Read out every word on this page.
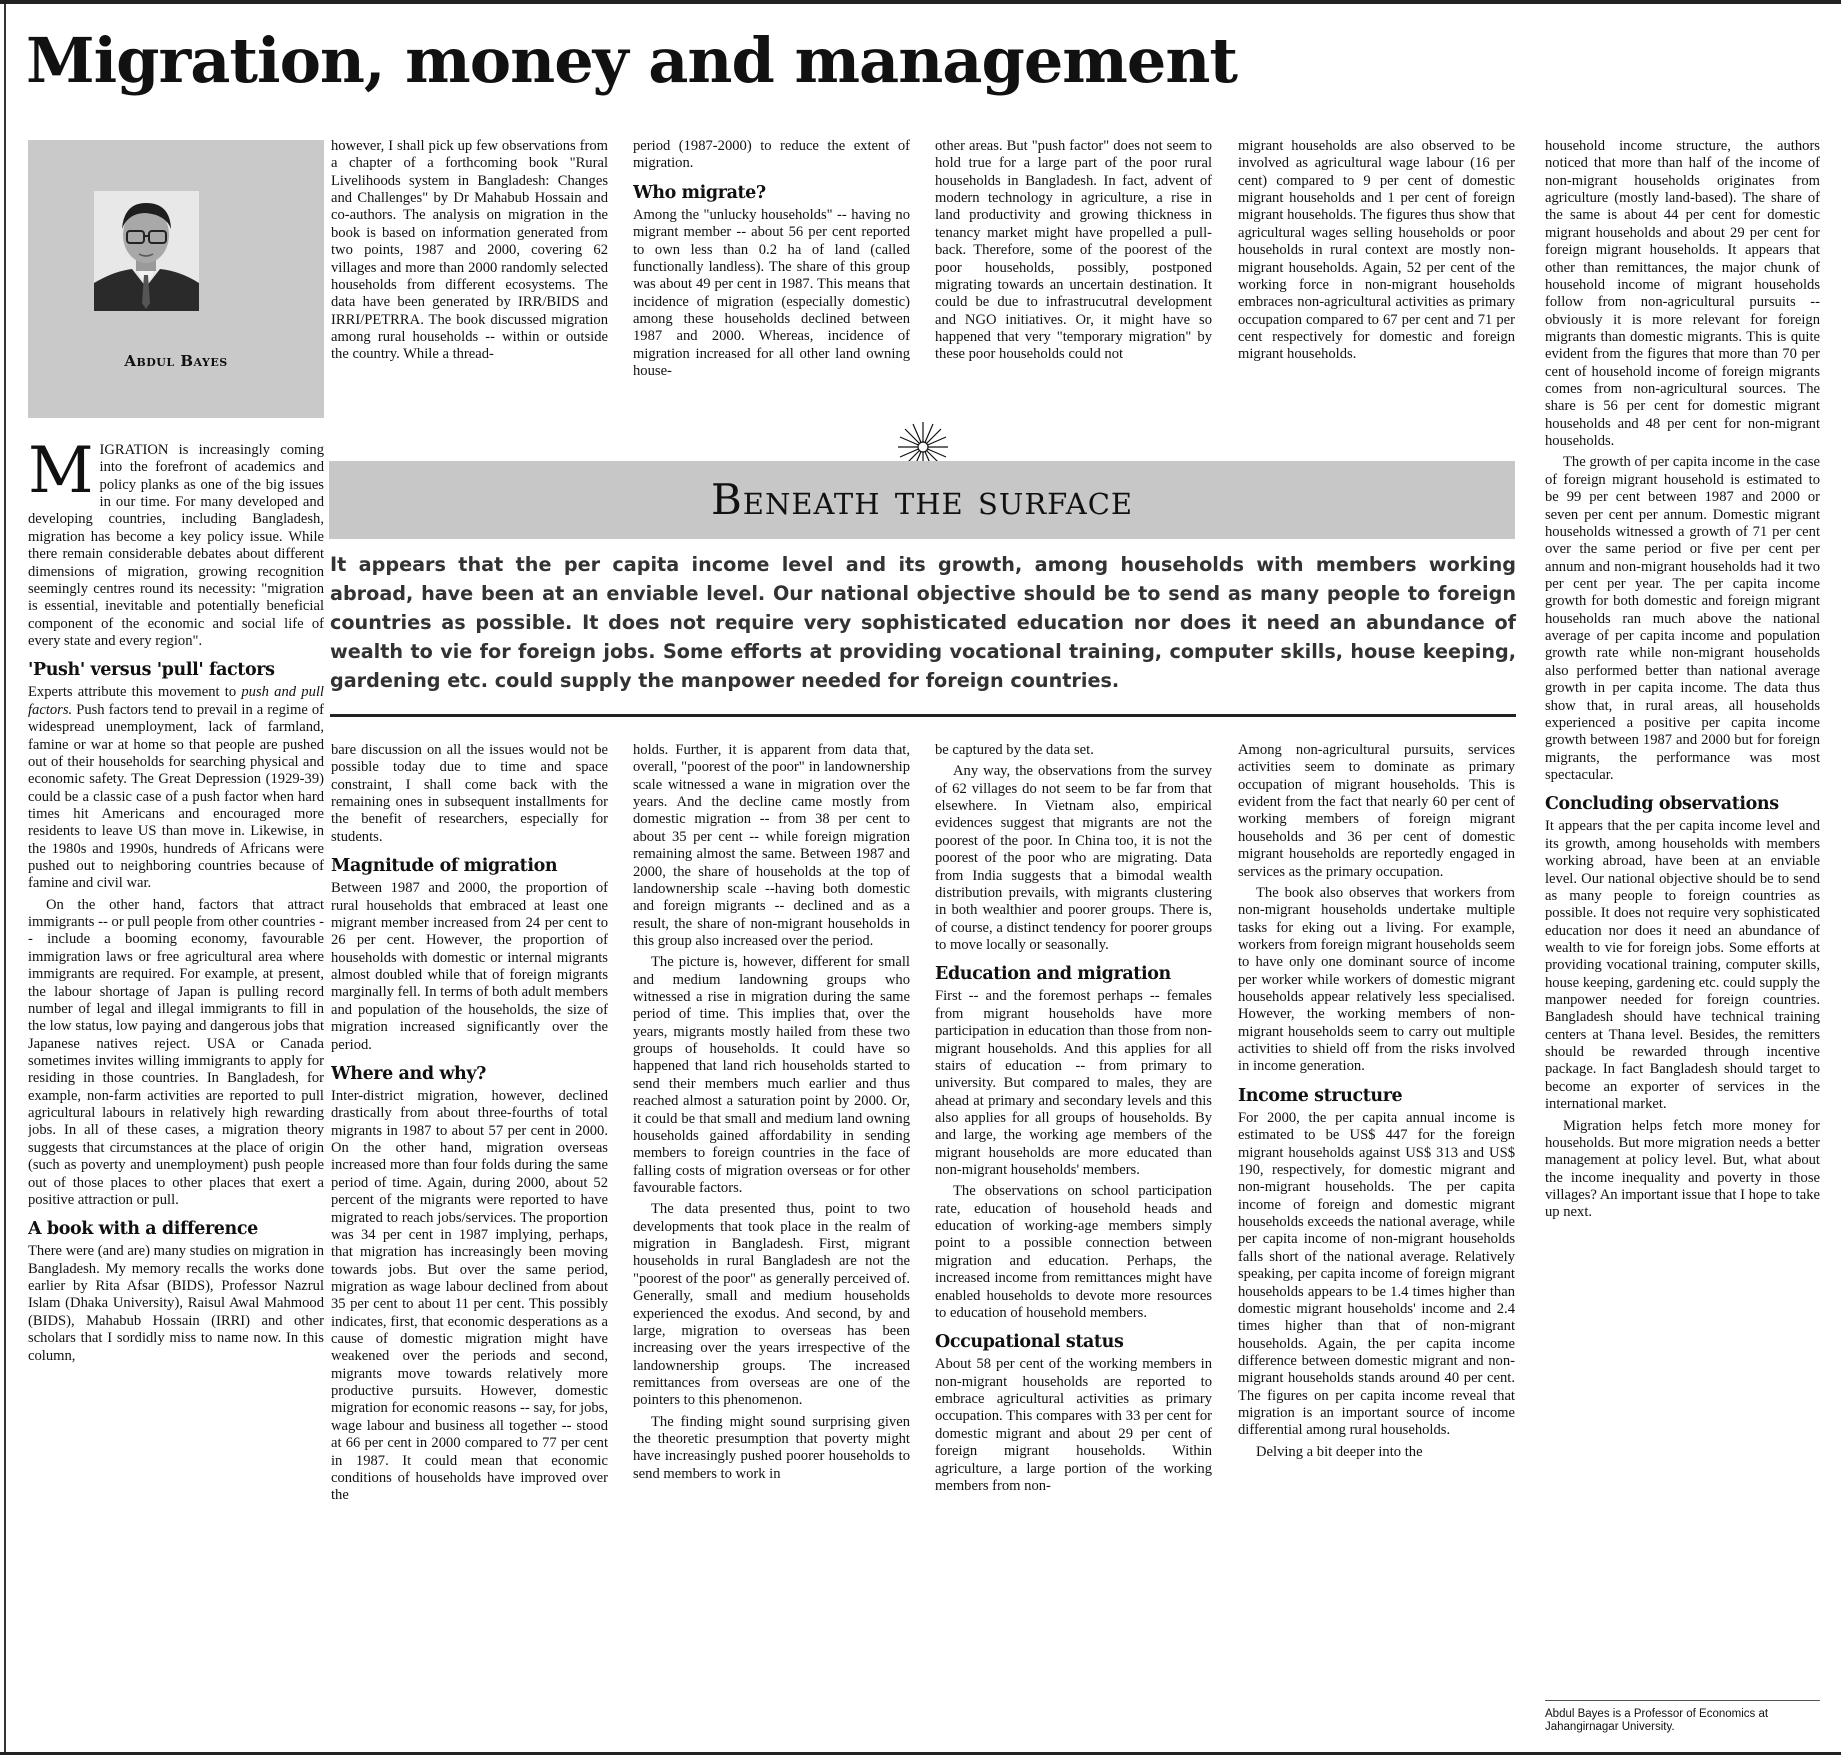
Migration, money and management
Abdul Bayes

MIGRATION is increasingly coming into the forefront of academics and policy planks as one of the big issues in our time. For many developed and developing countries, including Bangladesh, migration has become a key policy issue. While there remain considerable debates about different dimensions of migration, growing recognition seemingly centres round its necessity: "migration is essential, inevitable and potentially beneficial component of the economic and social life of every state and every region".

'Push' versus 'pull' factors

Experts attribute this movement to push and pull factors. Push factors tend to prevail in a regime of widespread unemployment, lack of farmland, famine or war at home so that people are pushed out of their households for searching physical and economic safety. The Great Depression (1929-39) could be a classic case of a push factor when hard times hit Americans and encouraged more residents to leave US than move in. Likewise, in the 1980s and 1990s, hundreds of Africans were pushed out to neighboring countries because of famine and civil war.

On the other hand, factors that attract immigrants -- or pull people from other countries -- include a booming economy, favourable immigration laws or free agricultural area where immigrants are required. For example, at present, the labour shortage of Japan is pulling record number of legal and illegal immigrants to fill in the low status, low paying and dangerous jobs that Japanese natives reject. USA or Canada sometimes invites willing immigrants to apply for residing in those countries. In Bangladesh, for example, non-farm activities are reported to pull agricultural labours in relatively high rewarding jobs. In all of these cases, a migration theory suggests that circumstances at the place of origin (such as poverty and unemployment) push people out of those places to other places that exert a positive attraction or pull.

A book with a difference

There were (and are) many studies on migration in Bangladesh. My memory recalls the works done earlier by Rita Afsar (BIDS), Professor Nazrul Islam (Dhaka University), Raisul Awal Mahmood (BIDS), Mahabub Hossain (IRRI) and other scholars that I sordidly miss to name now. In this column,

however, I shall pick up few observations from a chapter of a forthcoming book "Rural Livelihoods system in Bangladesh: Changes and Challenges" by Dr Mahabub Hossain and co-authors. The analysis on migration in the book is based on information generated from two points, 1987 and 2000, covering 62 villages and more than 2000 randomly selected households from different ecosystems. The data have been generated by IRR/BIDS and IRRI/PETRRA. The book discussed migration among rural households -- within or outside the country. While a thread-

period (1987-2000) to reduce the extent of migration.

Who migrate?

Among the "unlucky households" -- having no migrant member -- about 56 per cent reported to own less than 0.2 ha of land (called functionally landless). The share of this group was about 49 per cent in 1987. This means that incidence of migration (especially domestic) among these households declined between 1987 and 2000. Whereas, incidence of migration increased for all other land owning house-

other areas. But "push factor" does not seem to hold true for a large part of the poor rural households in Bangladesh. In fact, advent of modern technology in agriculture, a rise in land productivity and growing thickness in tenancy market might have propelled a pull-back. Therefore, some of the poorest of the poor households, possibly, postponed migrating towards an uncertain destination. It could be due to infrastrucutral development and NGO initiatives. Or, it might have so happened that very "temporary migration" by these poor households could not

migrant households are also observed to be involved as agricultural wage labour (16 per cent) compared to 9 per cent of domestic migrant households and 1 per cent of foreign migrant households. The figures thus show that agricultural wages selling households or poor households in rural context are mostly non-migrant households. Again, 52 per cent of the working force in non-migrant households embraces non-agricultural activities as primary occupation compared to 67 per cent and 71 per cent respectively for domestic and foreign migrant households.

Beneath the surface

It appears that the per capita income level and its growth, among households with members working abroad, have been at an enviable level. Our national objective should be to send as many people to foreign countries as possible. It does not require very sophisticated education nor does it need an abundance of wealth to vie for foreign jobs. Some efforts at providing vocational training, computer skills, house keeping, gardening etc. could supply the manpower needed for foreign countries.

bare discussion on all the issues would not be possible today due to time and space constraint, I shall come back with the remaining ones in subsequent installments for the benefit of researchers, especially for students.

Magnitude of migration

Between 1987 and 2000, the proportion of rural households that embraced at least one migrant member increased from 24 per cent to 26 per cent. However, the proportion of households with domestic or internal migrants almost doubled while that of foreign migrants marginally fell. In terms of both adult members and population of the households, the size of migration increased significantly over the period.

Where and why?

Inter-district migration, however, declined drastically from about three-fourths of total migrants in 1987 to about 57 per cent in 2000. On the other hand, migration overseas increased more than four folds during the same period of time. Again, during 2000, about 52 percent of the migrants were reported to have migrated to reach jobs/services. The proportion was 34 per cent in 1987 implying, perhaps, that migration has increasingly been moving towards jobs. But over the same period, migration as wage labour declined from about 35 per cent to about 11 per cent. This possibly indicates, first, that economic desperations as a cause of domestic migration might have weakened over the periods and second, migrants move towards relatively more productive pursuits. However, domestic migration for economic reasons -- say, for jobs, wage labour and business all together -- stood at 66 per cent in 2000 compared to 77 per cent in 1987. It could mean that economic conditions of households have improved over the

holds. Further, it is apparent from data that, overall, "poorest of the poor" in landownership scale witnessed a wane in migration over the years. And the decline came mostly from domestic migration -- from 38 per cent to about 35 per cent -- while foreign migration remaining almost the same. Between 1987 and 2000, the share of households at the top of landownership scale --having both domestic and foreign migrants -- declined and as a result, the share of non-migrant households in this group also increased over the period.

The picture is, however, different for small and medium landowning groups who witnessed a rise in migration during the same period of time. This implies that, over the years, migrants mostly hailed from these two groups of households. It could have so happened that land rich households started to send their members much earlier and thus reached almost a saturation point by 2000. Or, it could be that small and medium land owning households gained affordability in sending members to foreign countries in the face of falling costs of migration overseas or for other favourable factors.

The data presented thus, point to two developments that took place in the realm of migration in Bangladesh. First, migrant households in rural Bangladesh are not the "poorest of the poor" as generally perceived of. Generally, small and medium households experienced the exodus. And second, by and large, migration to overseas has been increasing over the years irrespective of the landownership groups. The increased remittances from overseas are one of the pointers to this phenomenon.

The finding might sound surprising given the theoretic presumption that poverty might have increasingly pushed poorer households to send members to work in

be captured by the data set.

Any way, the observations from the survey of 62 villages do not seem to be far from that elsewhere. In Vietnam also, empirical evidences suggest that migrants are not the poorest of the poor. In China too, it is not the poorest of the poor who are migrating. Data from India suggests that a bimodal wealth distribution prevails, with migrants clustering in both wealthier and poorer groups. There is, of course, a distinct tendency for poorer groups to move locally or seasonally.

Education and migration

First -- and the foremost perhaps -- females from migrant households have more participation in education than those from non-migrant households. And this applies for all stairs of education -- from primary to university. But compared to males, they are ahead at primary and secondary levels and this also applies for all groups of households. By and large, the working age members of the migrant households are more educated than non-migrant households' members.

The observations on school participation rate, education of household heads and education of working-age members simply point to a possible connection between migration and education. Perhaps, the increased income from remittances might have enabled households to devote more resources to education of household members.

Occupational status

About 58 per cent of the working members in non-migrant households are reported to embrace agricultural activities as primary occupation. This compares with 33 per cent for domestic migrant and about 29 per cent of foreign migrant households. Within agriculture, a large portion of the working members from non-

Among non-agricultural pursuits, services activities seem to dominate as primary occupation of migrant households. This is evident from the fact that nearly 60 per cent of working members of foreign migrant households and 36 per cent of domestic migrant households are reportedly engaged in services as the primary occupation.

The book also observes that workers from non-migrant households undertake multiple tasks for eking out a living. For example, workers from foreign migrant households seem to have only one dominant source of income per worker while workers of domestic migrant households appear relatively less specialised. However, the working members of non-migrant households seem to carry out multiple activities to shield off from the risks involved in income generation.

Income structure

For 2000, the per capita annual income is estimated to be US$ 447 for the foreign migrant households against US$ 313 and US$ 190, respectively, for domestic migrant and non-migrant households. The per capita income of foreign and domestic migrant households exceeds the national average, while per capita income of non-migrant households falls short of the national average. Relatively speaking, per capita income of foreign migrant households appears to be 1.4 times higher than domestic migrant households' income and 2.4 times higher than that of non-migrant households. Again, the per capita income difference between domestic migrant and non-migrant households stands around 40 per cent. The figures on per capita income reveal that migration is an important source of income differential among rural households.

Delving a bit deeper into the

household income structure, the authors noticed that more than half of the income of non-migrant households originates from agriculture (mostly land-based). The share of the same is about 44 per cent for domestic migrant households and about 29 per cent for foreign migrant households. It appears that other than remittances, the major chunk of household income of migrant households follow from non-agricultural pursuits -- obviously it is more relevant for foreign migrants than domestic migrants. This is quite evident from the figures that more than 70 per cent of household income of foreign migrants comes from non-agricultural sources. The share is 56 per cent for domestic migrant households and 48 per cent for non-migrant households.

The growth of per capita income in the case of foreign migrant household is estimated to be 99 per cent between 1987 and 2000 or seven per cent per annum. Domestic migrant households witnessed a growth of 71 per cent over the same period or five per cent per annum and non-migrant households had it two per cent per year. The per capita income growth for both domestic and foreign migrant households ran much above the national average of per capita income and population growth rate while non-migrant households also performed better than national average growth in per capita income. The data thus show that, in rural areas, all households experienced a positive per capita income growth between 1987 and 2000 but for foreign migrants, the performance was most spectacular.

Concluding observations

It appears that the per capita income level and its growth, among households with members working abroad, have been at an enviable level. Our national objective should be to send as many people to foreign countries as possible. It does not require very sophisticated education nor does it need an abundance of wealth to vie for foreign jobs. Some efforts at providing vocational training, computer skills, house keeping, gardening etc. could supply the manpower needed for foreign countries. Bangladesh should have technical training centers at Thana level. Besides, the remitters should be rewarded through incentive package. In fact Bangladesh should target to become an exporter of services in the international market.

Migration helps fetch more money for households. But more migration needs a better management at policy level. But, what about the income inequality and poverty in those villages? An important issue that I hope to take up next.

Abdul Bayes is a Professor of Economics at Jahangirnagar University.
